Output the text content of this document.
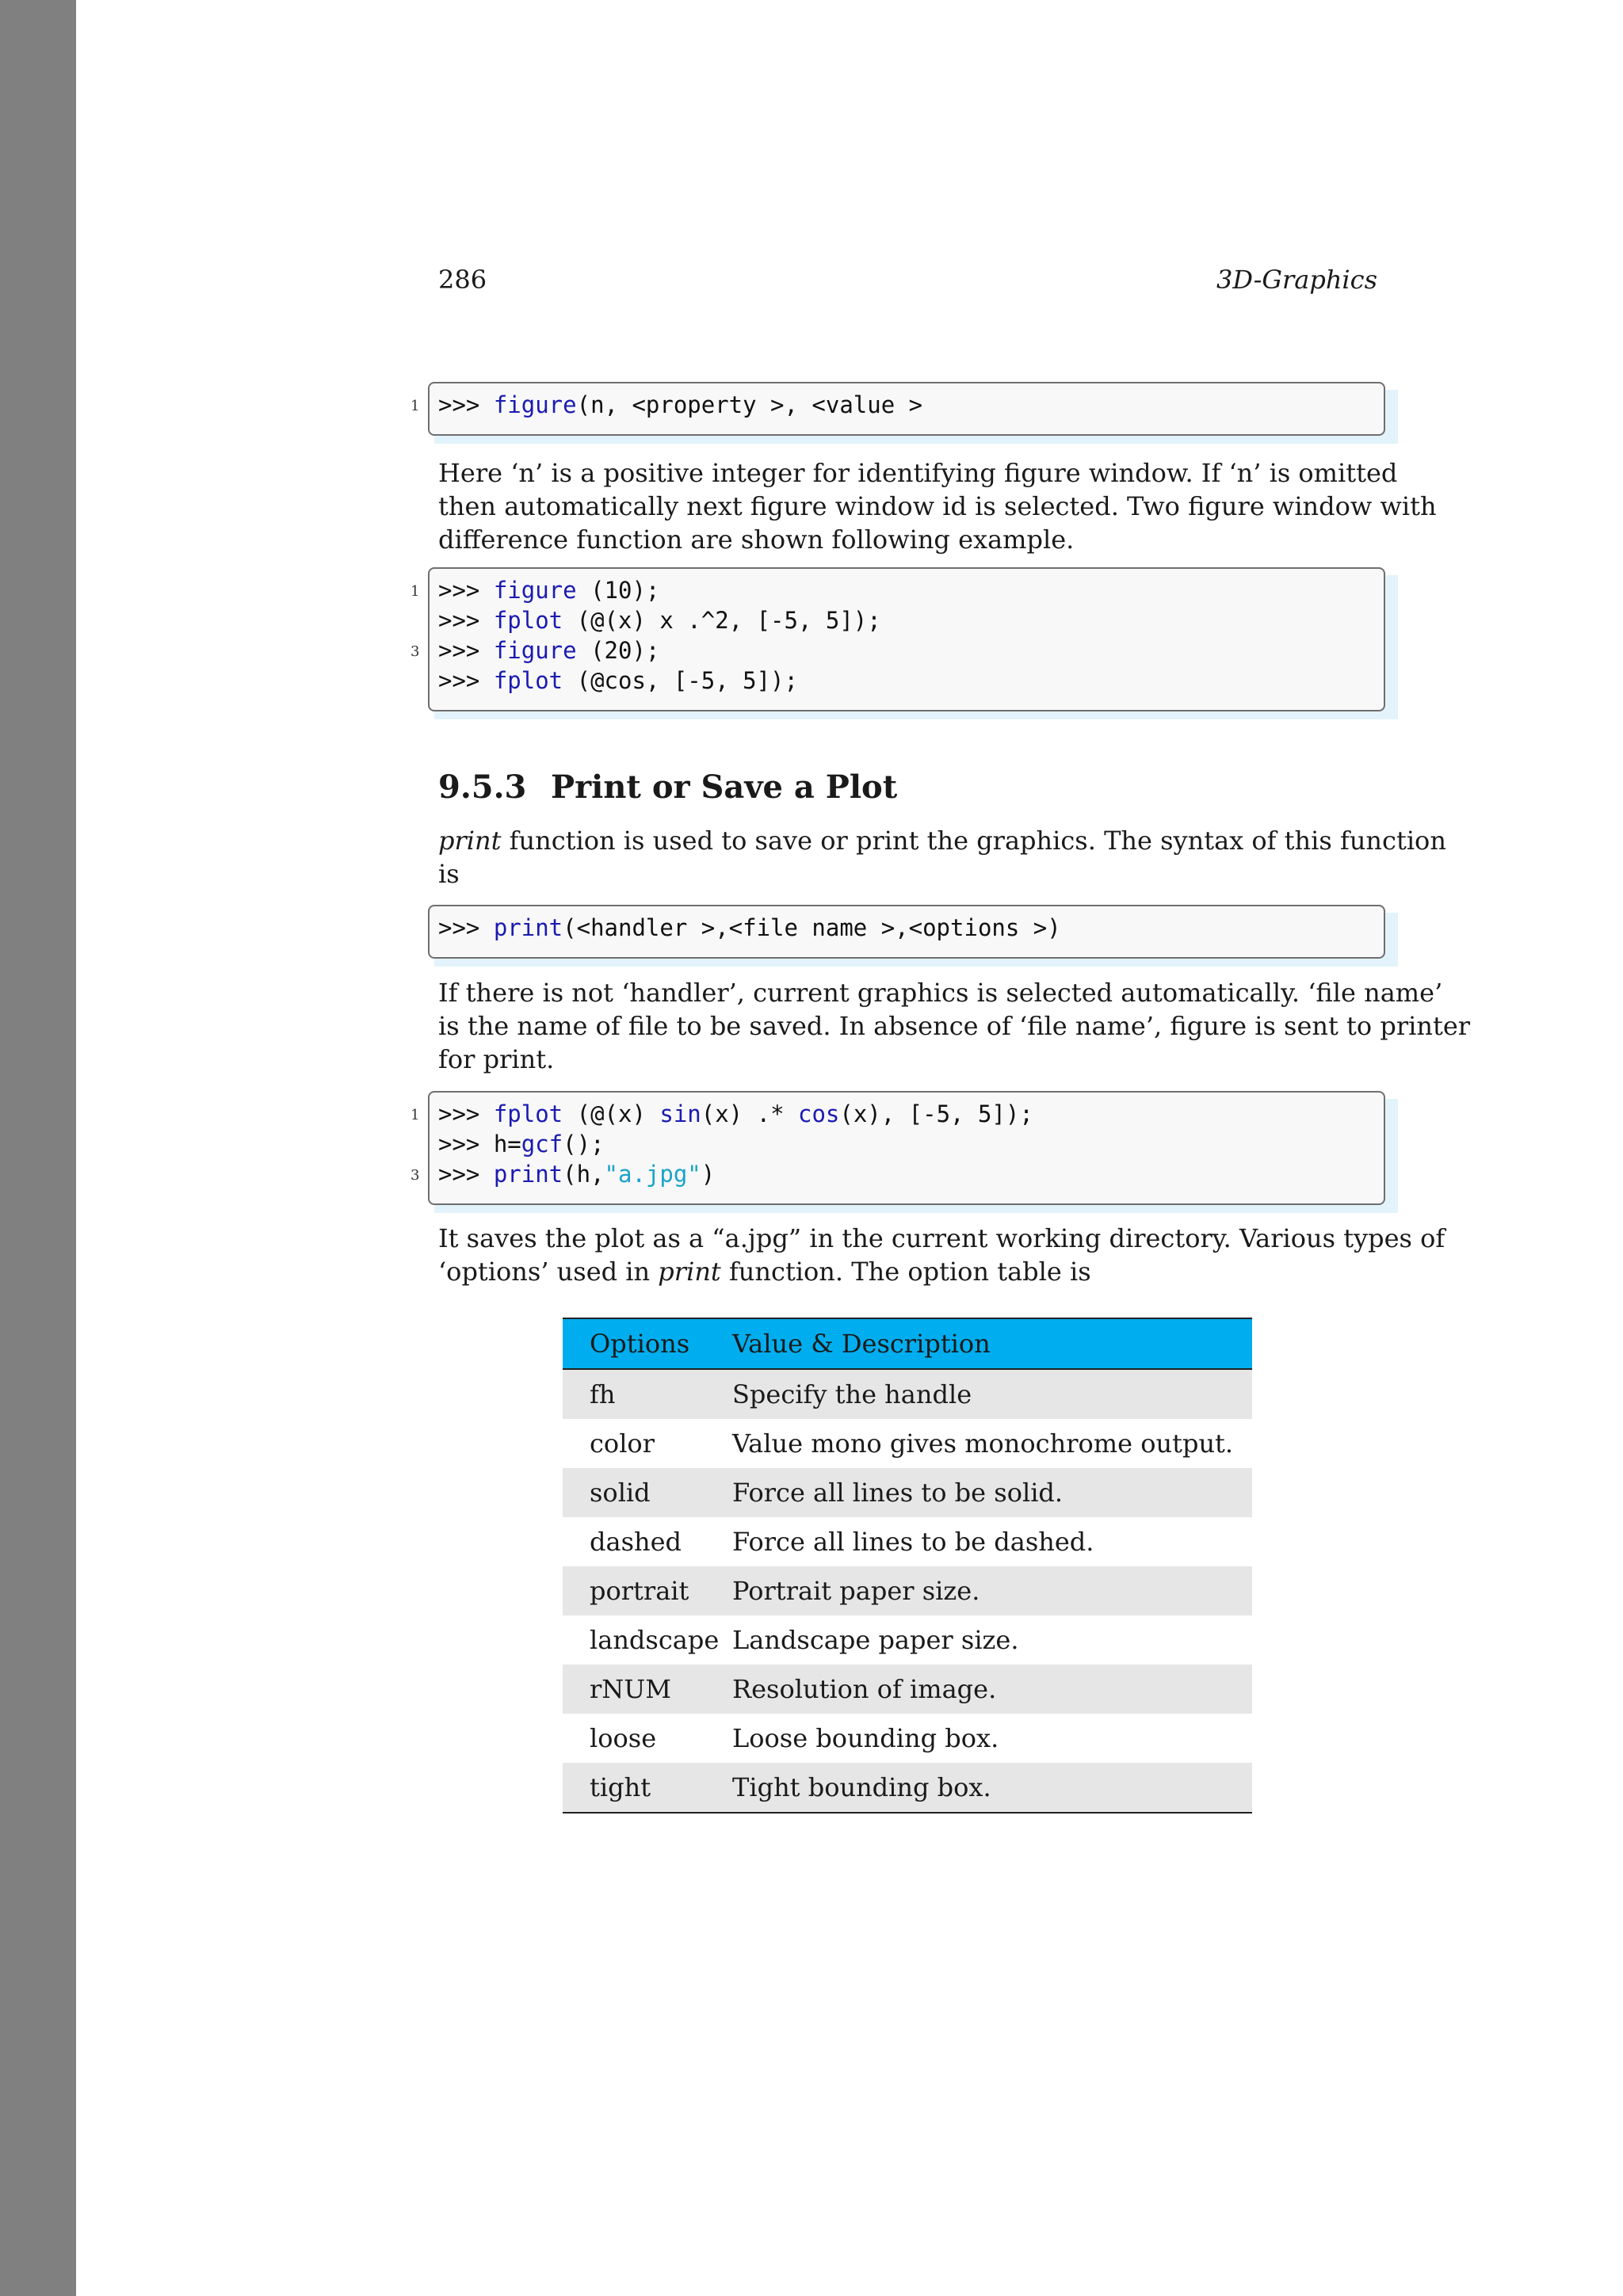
286	3D-Graphics
>>> figure(n, <property >, <value >
1

Here ‘n’ is a positive integer for identifying figure window. If ‘n’ is omitted
then automatically next figure window id is selected. Two figure window with
difference function are shown following example.

>>> figure (10);
1
>>> fplot (@(x) x .^2, [-5, 5]);
>>> figure (20);
3
>>> fplot (@cos, [-5, 5]);
9.5.3 Print or Save a Plot

print function is used to save or print the graphics. The syntax of this function
is

>>> print(<handler >,<file name >,<options >)

If there is not ‘handler’, current graphics is selected automatically. ‘file name’
is the name of file to be saved. In absence of ‘file name’, figure is sent to printer
for print.

>>> fplot (@(x) sin(x) .* cos(x), [-5, 5]);
1
>>> h=gcf();
>>> print(h,"a.jpg")
3

It saves the plot as a “a.jpg” in the current working directory. Various types of
‘options’ used in print function. The option table is

Options	Value & Description
fh	Specify the handle
color	Value mono gives monochrome output.
solid	Force all lines to be solid.
dashed	Force all lines to be dashed.
portrait	Portrait paper size.
landscape	Landscape paper size.
rNUM	Resolution of image.
loose	Loose bounding box.
tight	Tight bounding box.
